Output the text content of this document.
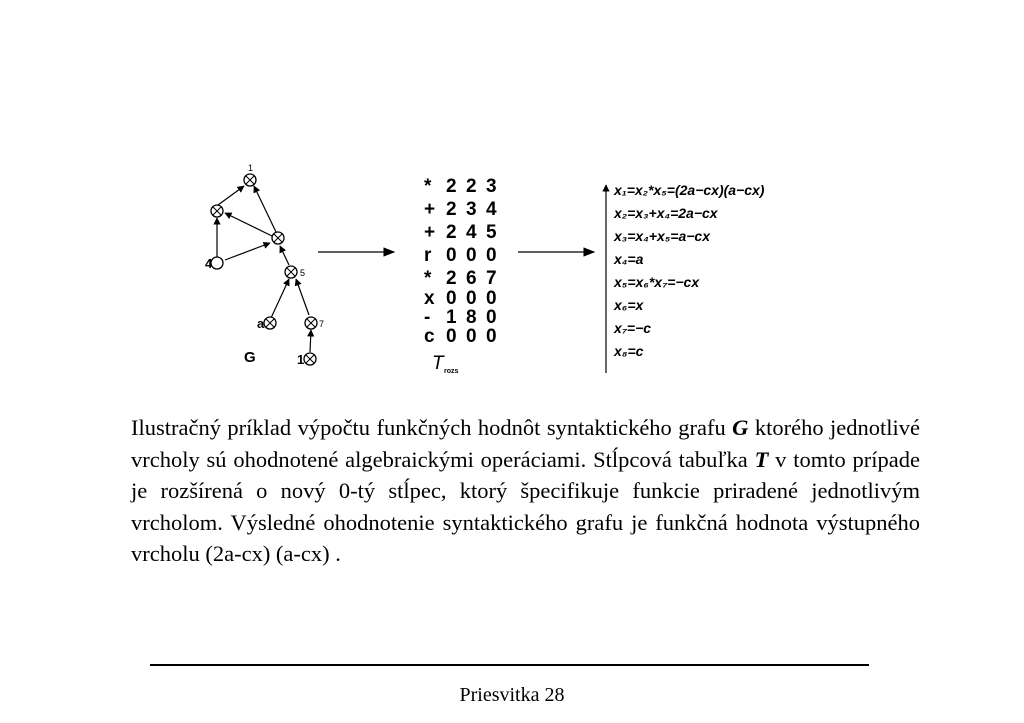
1
5
7
4
a
1
G
* 2 2 3
+ 2 3 4
+ 2 4 5
r 0 0 0
* 2 6 7
x 0 0 0
- 1 8 0
c 0 0 0
T rozs
x₁=x₂*x₅=(2a−cx)(a−cx)
x₂=x₃+x₄=2a−cx
x₃=x₄+x₅=a−cx
x₄=a
x₅=x₆*x₇=−cx
x₆=x
x₇=−c
x₈=c
Ilustračný príklad výpočtu funkčných hodnôt syntaktického grafu G ktorého jednotlivé vrcholy sú ohodnotené algebraickými operáciami. Stĺpcová tabuľka T v tomto prípade je rozšírená o nový 0-tý stĺpec, ktorý špecifikuje funkcie priradené jednotlivým vrcholom. Výsledné ohodnotenie syntaktického grafu je funkčná hodnota výstupného vrcholu (2a-cx) (a-cx) .
Priesvitka 28
